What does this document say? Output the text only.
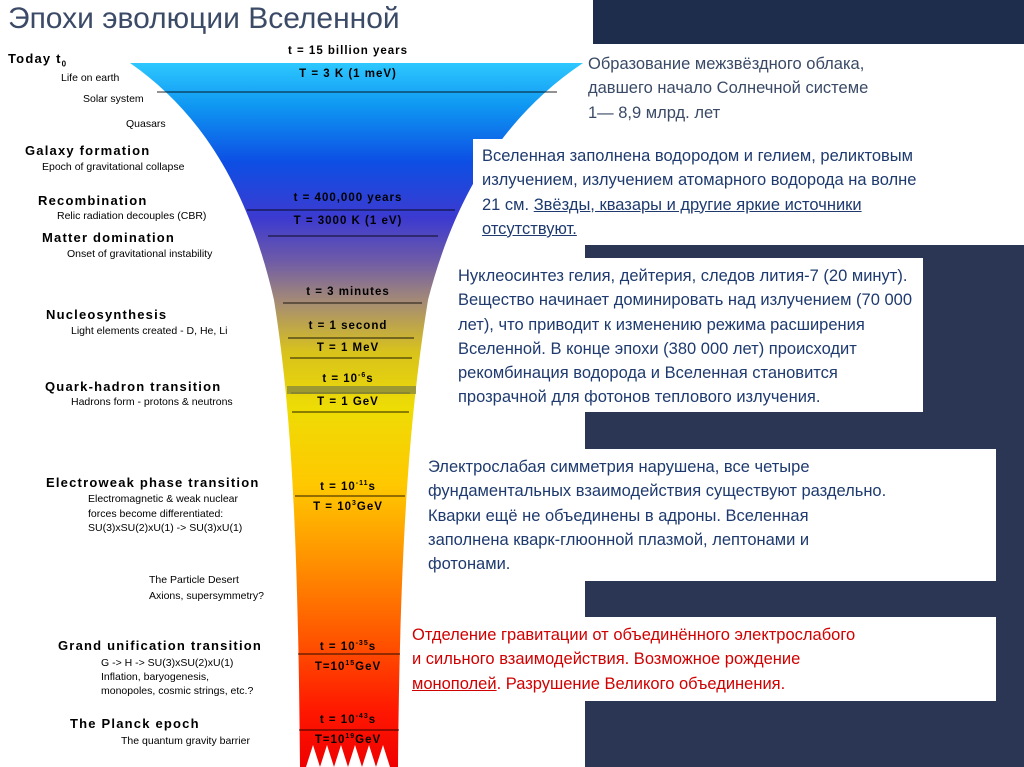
Эпохи эволюции Вселенной
t = 15 billion years
T = 3 K (1 meV)
t = 400,000 years
T = 3000 K (1 eV)
t = 3 minutes
t = 1 second
T = 1 MeV
$t = 10^{-6}s$
T = 1 GeV
$t = 10^{-11}s$
$T = 10^3GeV$
$t = 10^{-35}s$
$T=10^{15}GeV$
$t = 10^{-43}s$
$T=10^{19}GeV$
Today $t_0$
Life on earth
Solar system
Quasars
Galaxy formation
Epoch of gravitational collapse
Recombination
Relic radiation decouples (CBR)
Matter domination
Onset of gravitational instability
Nucleosynthesis
Light elements created - D, He, Li
Quark-hadron transition
Hadrons form - protons & neutrons
Electroweak phase transition
Electromagnetic & weak nuclear
forces become differentiated:
SU(3)xSU(2)xU(1) -> SU(3)xU(1)
The Particle Desert
Axions, supersymmetry?
Grand unification transition
G -> H -> SU(3)xSU(2)xU(1)
Inflation, baryogenesis,
monopoles, cosmic strings, etc.?
The Planck epoch
The quantum gravity barrier
Образование межзвёздного облака,
давшего начало Солнечной системе
1— 8,9 млрд. лет
Вселенная заполнена водородом и гелием, реликтовым
излучением, излучением атомарного водорода на волне
21 см. Звёзды, квазары и другие яркие источники
отсутствуют.
Нуклеосинтез гелия, дейтерия, следов лития-7 (20 минут).
Вещество начинает доминировать над излучением (70 000
лет), что приводит к изменению режима расширения
Вселенной. В конце эпохи (380 000 лет) происходит
рекомбинация водорода и Вселенная становится
прозрачной для фотонов теплового излучения.
Электрослабая симметрия нарушена, все четыре
фундаментальных взаимодействия существуют раздельно.
Кварки ещё не объединены в адроны. Вселенная
заполнена кварк-глюонной плазмой, лептонами и
фотонами.
Отделение гравитации от объединённого электрослабого
и сильного взаимодействия. Возможное рождение
монополей. Разрушение Великого объединения.
